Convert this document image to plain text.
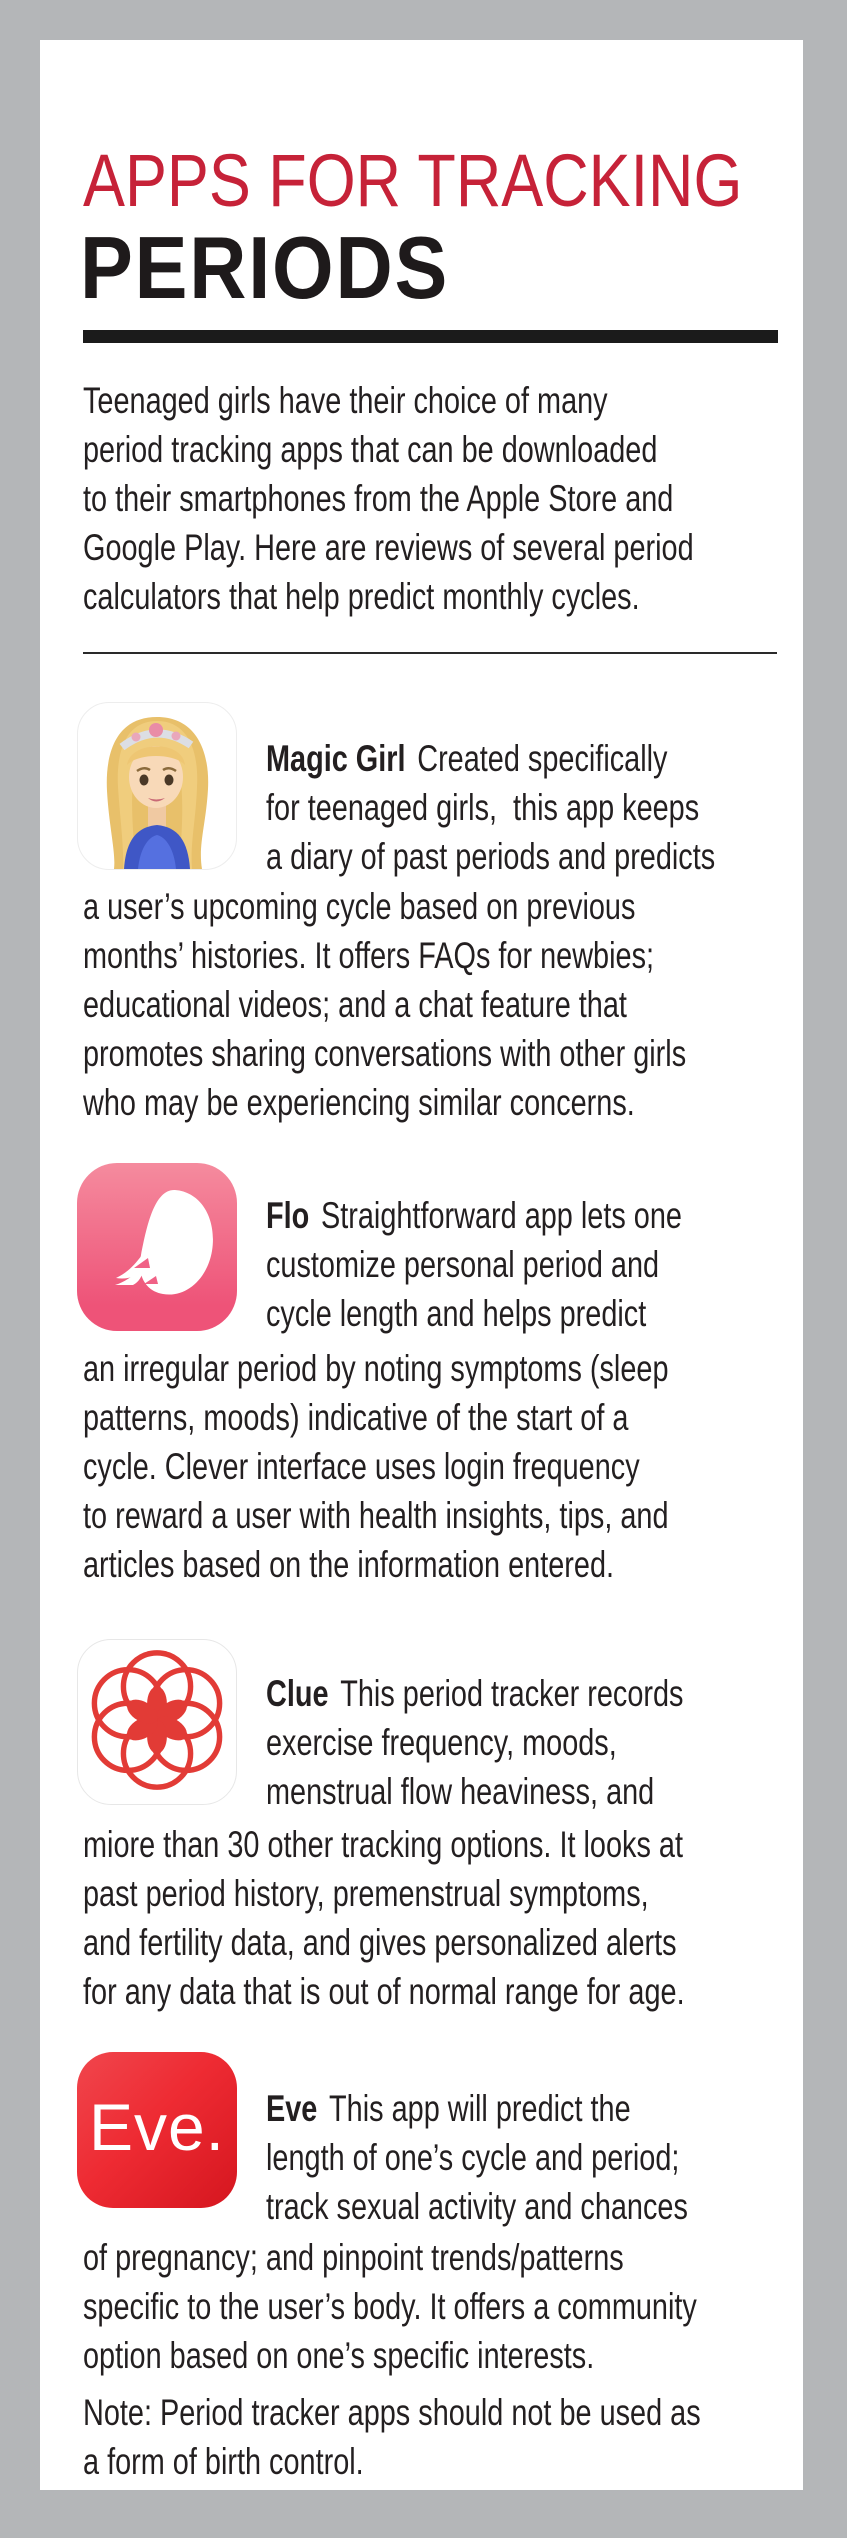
APPS FOR TRACKING
PERIODS
Teenaged girls have their choice of many
period tracking apps that can be downloaded
to their smartphones from the Apple Store and
Google Play. Here are reviews of several period
calculators that help predict monthly cycles.
Magic Girl Created specifically
for teenaged girls,  this app keeps
a diary of past periods and predicts
a user’s upcoming cycle based on previous
months’ histories. It offers FAQs for newbies;
educational videos; and a chat feature that
promotes sharing conversations with other girls
who may be experiencing similar concerns.
Flo Straightforward app lets one
customize personal period and
cycle length and helps predict
an irregular period by noting symptoms (sleep
patterns, moods) indicative of the start of a
cycle. Clever interface uses login frequency
to reward a user with health insights, tips, and
articles based on the information entered.
Clue This period tracker records
exercise frequency, moods,
menstrual flow heaviness, and
miore than 30 other tracking options. It looks at
past period history, premenstrual symptoms,
and fertility data, and gives personalized alerts
for any data that is out of normal range for age.
Eve. Eve This app will predict the
length of one’s cycle and period;
track sexual activity and chances
of pregnancy; and pinpoint trends/patterns
specific to the user’s body. It offers a community
option based on one’s specific interests.
Note: Period tracker apps should not be used as
a form of birth control.
